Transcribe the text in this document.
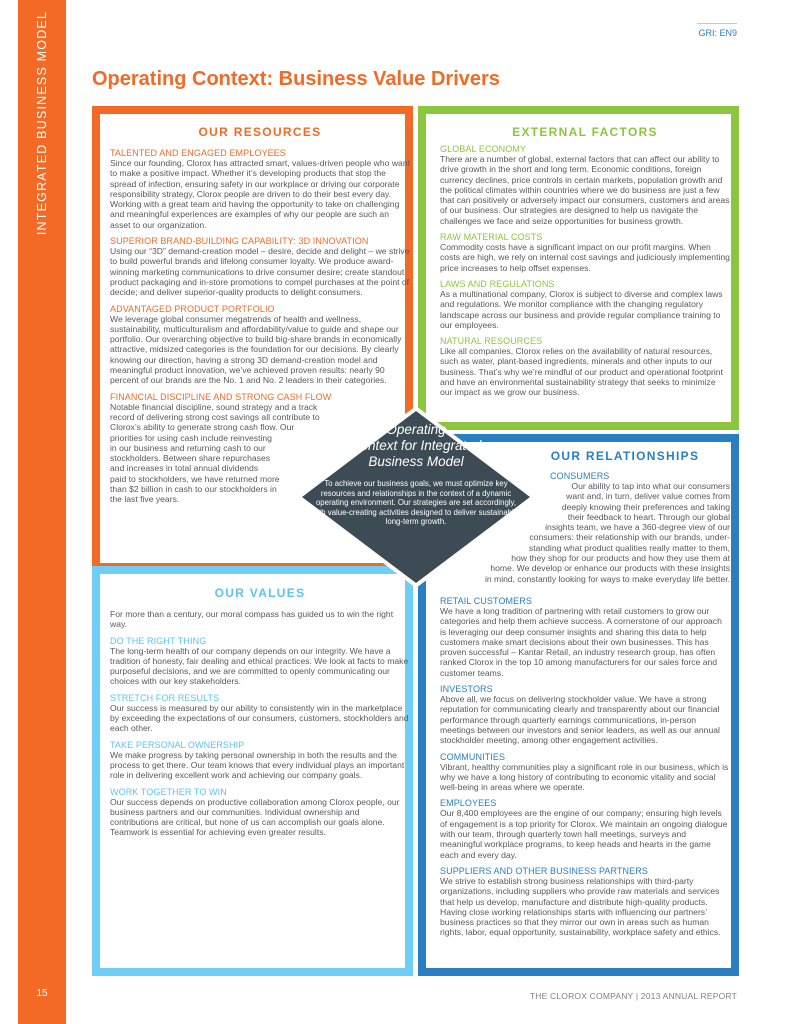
INTEGRATED BUSINESS MODEL
15
GRI: EN9
Operating Context: Business Value Drivers
OUR RESOURCES
TALENTED AND ENGAGED EMPLOYEES
Since our founding, Clorox has attracted smart, values-driven people who want to make a positive impact. Whether it’s developing products that stop the spread of infection, ensuring safety in our workplace or driving our corporate responsibility strategy, Clorox people are driven to do their best every day. Working with a great team and having the opportunity to take on challenging and meaningful experiences are examples of why our people are such an asset to our organization.
SUPERIOR BRAND-BUILDING CAPABILITY: 3D INNOVATION
Using our “3D” demand-creation model – desire, decide and delight – we strive to build powerful brands and lifelong consumer loyalty. We produce award-winning marketing communications to drive consumer desire; create standout product packaging and in-store promotions to compel purchases at the point of decide; and deliver superior-quality products to delight consumers.
ADVANTAGED PRODUCT PORTFOLIO
We leverage global consumer megatrends of health and wellness, sustainability, multiculturalism and affordability/value to guide and shape our portfolio. Our overarching objective to build big-share brands in economically attractive, midsized categories is the foundation for our decisions. By clearly knowing our direction, having a strong 3D demand-creation model and meaningful product innovation, we’ve achieved proven results: nearly 90 percent of our brands are the No. 1 and No. 2 leaders in their categories.
FINANCIAL DISCIPLINE AND STRONG CASH FLOW
Notable financial discipline, sound strategy and a track
record of delivering strong cost savings all contribute to
Clorox’s ability to generate strong cash flow. Our
priorities for using cash include reinvesting
in our business and returning cash to our
stockholders. Between share repurchases
and increases in total annual dividends
paid to stockholders, we have returned more
than $2 billion in cash to our stockholders in
the last five years.
EXTERNAL FACTORS
GLOBAL ECONOMY
There are a number of global, external factors that can affect our ability to drive growth in the short and long term. Economic conditions, foreign currency declines, price controls in certain markets, population growth and the political climates within countries where we do business are just a few that can positively or adversely impact our consumers, customers and areas of our business. Our strategies are designed to help us navigate the challenges we face and seize opportunities for business growth.
RAW MATERIAL COSTS
Commodity costs have a significant impact on our profit margins. When costs are high, we rely on internal cost savings and judiciously implementing price increases to help offset expenses.
LAWS AND REGULATIONS
As a multinational company, Clorox is subject to diverse and complex laws and regulations. We monitor compliance with the changing regulatory landscape across our business and provide regular compliance training to our employees.
NATURAL RESOURCES
Like all companies, Clorox relies on the availability of natural resources, such as water, plant-based ingredients, minerals and other inputs to our business. That’s why we’re mindful of our product and operational footprint and have an environmental sustainability strategy that seeks to minimize our impact as we grow our business.
OUR VALUES
For more than a century, our moral compass has guided us to win the right way.
DO THE RIGHT THING
The long-term health of our company depends on our integrity. We have a tradition of honesty, fair dealing and ethical practices. We look at facts to make purposeful decisions, and we are committed to openly communicating our choices with our key stakeholders.
STRETCH FOR RESULTS
Our success is measured by our ability to consistently win in the marketplace by exceeding the expectations of our consumers, customers, stockholders and each other.
TAKE PERSONAL OWNERSHIP
We make progress by taking personal ownership in both the results and the process to get there. Our team knows that every individual plays an important role in delivering excellent work and achieving our company goals.
WORK TOGETHER TO WIN
Our success depends on productive collaboration among Clorox people, our business partners and our communities. Individual ownership and contributions are critical, but none of us can accomplish our goals alone. Teamwork is essential for achieving even greater results.
OUR RELATIONSHIPS
CONSUMERS
Our ability to tap into what our consumers
want and, in turn, deliver value comes from
deeply knowing their preferences and taking
their feedback to heart. Through our global
insights team, we have a 360-degree view of our
consumers: their relationship with our brands, under-
standing what product qualities really matter to them,
how they shop for our products and how they use them at
home. We develop or enhance our products with these insights
in mind, constantly looking for ways to make everyday life better.
RETAIL CUSTOMERS
We have a long tradition of partnering with retail customers to grow our categories and help them achieve success. A cornerstone of our approach is leveraging our deep consumer insights and sharing this data to help customers make smart decisions about their own businesses. This has proven successful – Kantar Retail, an industry research group, has often ranked Clorox in the top 10 among manufacturers for our sales force and customer teams.
INVESTORS
Above all, we focus on delivering stockholder value. We have a strong reputation for communicating clearly and transparently about our financial performance through quarterly earnings communications, in-person meetings between our investors and senior leaders, as well as our annual stockholder meeting, among other engagement activities.
COMMUNITIES
Vibrant, healthy communities play a significant role in our business, which is why we have a long history of contributing to economic vitality and social well-being in areas where we operate.
EMPLOYEES
Our 8,400 employees are the engine of our company; ensuring high levels of engagement is a top priority for Clorox. We maintain an ongoing dialogue with our team, through quarterly town hall meetings, surveys and meaningful workplace programs, to keep heads and hearts in the game each and every day.
SUPPLIERS AND OTHER BUSINESS PARTNERS
We strive to establish strong business relationships with third-party organizations, including suppliers who provide raw materials and services that help us develop, manufacture and distribute high-quality products. Having close working relationships starts with influencing our partners’ business practices so that they mirror our own in areas such as human rights, labor, equal opportunity, sustainability, workplace safety and ethics.
Operating
Context for Integrated
Business Model
To achieve our business goals, we must optimize key resources and relationships in the context of a dynamic operating environment. Our strategies are set accordingly, with value-creating activities designed to deliver sustainable, long-term growth.
THE CLOROX COMPANY | 2013 ANNUAL REPORT
